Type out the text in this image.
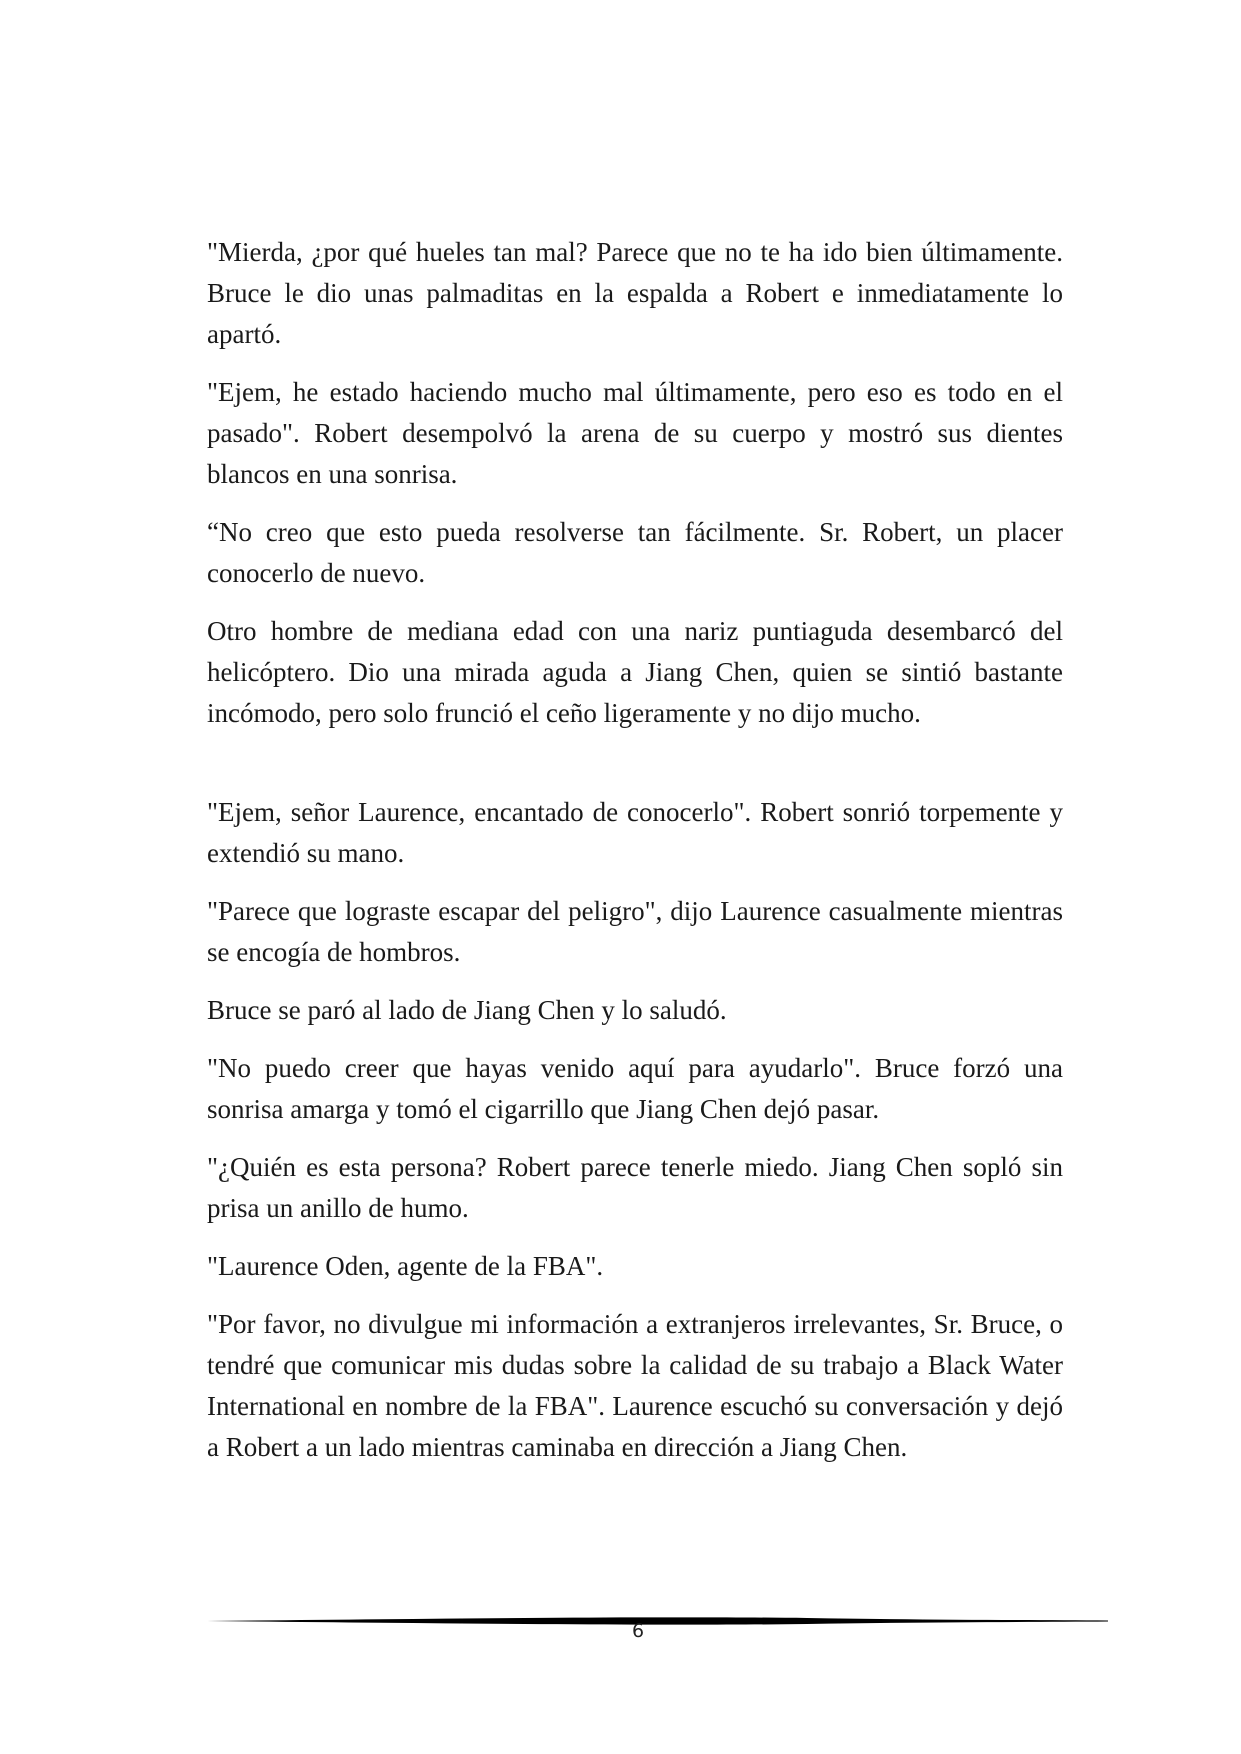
"Mierda, ¿por qué hueles tan mal? Parece que no te ha ido bien últimamente. Bruce le dio unas palmaditas en la espalda a Robert e inmediatamente lo apartó.

"Ejem, he estado haciendo mucho mal últimamente, pero eso es todo en el pasado". Robert desempolvó la arena de su cuerpo y mostró sus dientes blancos en una sonrisa.

“No creo que esto pueda resolverse tan fácilmente. Sr. Robert, un placer conocerlo de nuevo.

Otro hombre de mediana edad con una nariz puntiaguda desembarcó del helicóptero. Dio una mirada aguda a Jiang Chen, quien se sintió bastante incómodo, pero solo frunció el ceño ligeramente y no dijo mucho.

"Ejem, señor Laurence, encantado de conocerlo". Robert sonrió torpemente y extendió su mano.

"Parece que lograste escapar del peligro", dijo Laurence casualmente mientras se encogía de hombros.

Bruce se paró al lado de Jiang Chen y lo saludó.

"No puedo creer que hayas venido aquí para ayudarlo". Bruce forzó una sonrisa amarga y tomó el cigarrillo que Jiang Chen dejó pasar.

"¿Quién es esta persona? Robert parece tenerle miedo. Jiang Chen sopló sin prisa un anillo de humo.

"Laurence Oden, agente de la FBA".

"Por favor, no divulgue mi información a extranjeros irrelevantes, Sr. Bruce, o tendré que comunicar mis dudas sobre la calidad de su trabajo a Black Water International en nombre de la FBA". Laurence escuchó su conversación y dejó a Robert a un lado mientras caminaba en dirección a Jiang Chen.

6
